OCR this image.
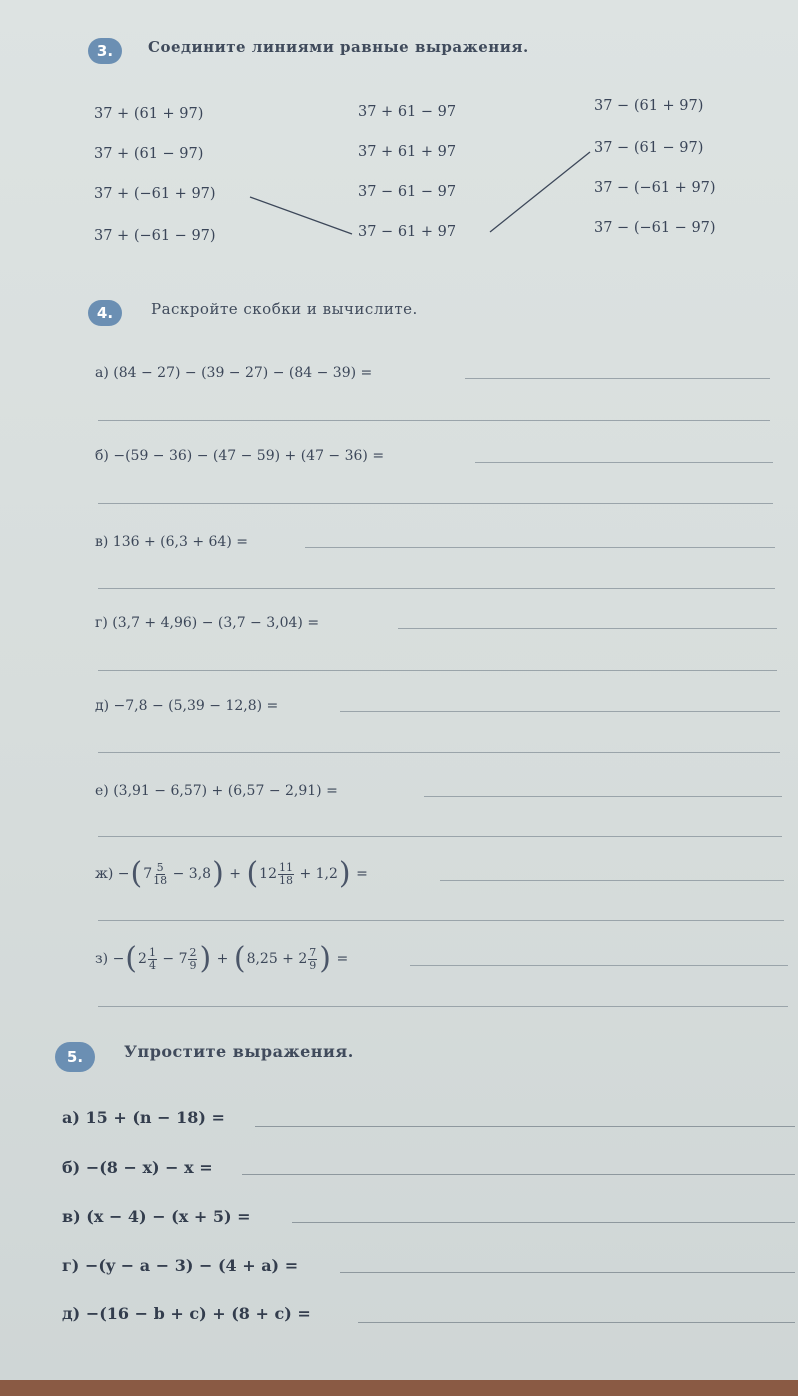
3.	Соедините линиями равные выражения.
37 + (61 + 97)
37 + (61 − 97)
37 + (−61 + 97)
37 + (−61 − 97)
37 + 61 − 97
37 + 61 + 97
37 − 61 − 97
37 − 61 + 97
37 − (61 + 97)
37 − (61 − 97)
37 − (−61 + 97)
37 − (−61 − 97)
4.	Раскройте скобки и вычислите.
а)
(84 − 27) − (39 − 27) − (84 − 39) =
б)
−(59 − 36) − (47 − 59) + (47 − 36) =
в)
136 + (6,3 + 64) =
г)
(3,7 + 4,96) − (3,7 − 3,04) =
д)
−7,8 − (5,39 − 12,8) =
е)
(3,91 − 6,57) + (6,57 − 2,91) =
ж)
− ( $7 \frac{5}{18}$
− 3,8 )
+
( $12 \frac{11}{18}$
+ 1,2 )
=
з)
− ( $2 \frac{1}{4}$
− $7 \frac{2}{9}$ )
+
( $8,25 + 2 \frac{7}{9}$ )
=
5.	Упростите выражения.
а) 15 + (n − 18) =
б) −(8 − x) − x =
в) (x − 4) − (x + 5) =
г) −(y − a − 3) − (4 + a) =
д) −(16 − b + c) + (8 + c) =
